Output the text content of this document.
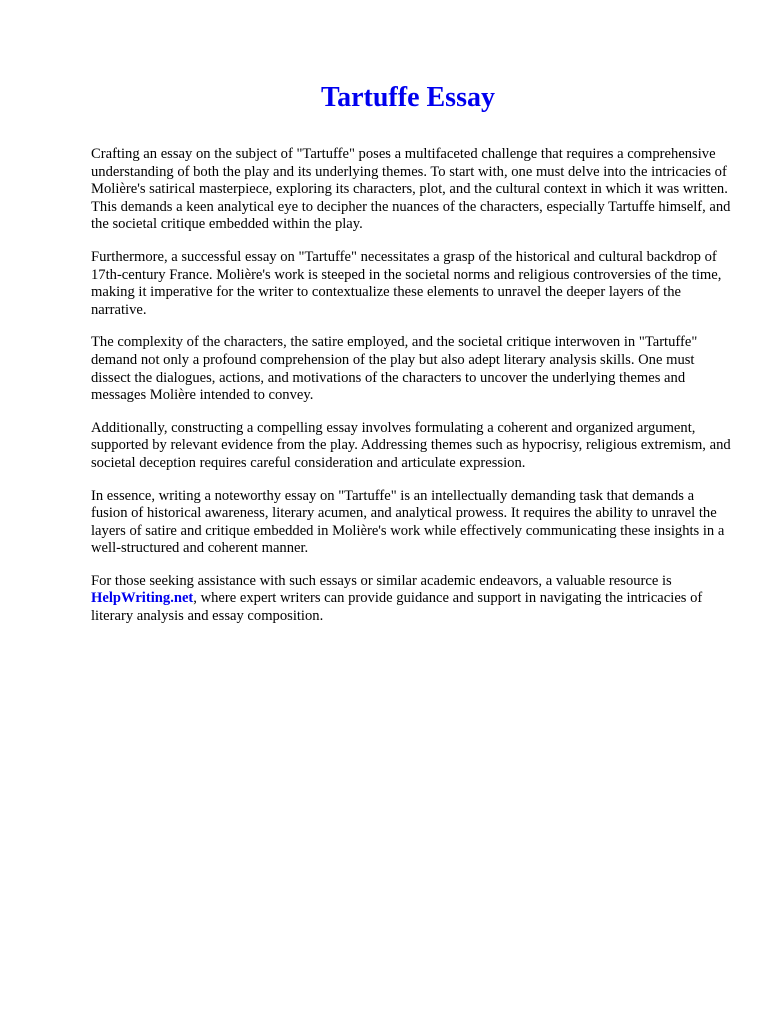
Tartuffe Essay

Crafting an essay on the subject of "Tartuffe" poses a multifaceted challenge that requires a comprehensive understanding of both the play and its underlying themes. To start with, one must delve into the intricacies of Molière's satirical masterpiece, exploring its characters, plot, and the cultural context in which it was written. This demands a keen analytical eye to decipher the nuances of the characters, especially Tartuffe himself, and the societal critique embedded within the play.

Furthermore, a successful essay on "Tartuffe" necessitates a grasp of the historical and cultural backdrop of 17th-century France. Molière's work is steeped in the societal norms and religious controversies of the time, making it imperative for the writer to contextualize these elements to unravel the deeper layers of the narrative.

The complexity of the characters, the satire employed, and the societal critique interwoven in "Tartuffe" demand not only a profound comprehension of the play but also adept literary analysis skills. One must dissect the dialogues, actions, and motivations of the characters to uncover the underlying themes and messages Molière intended to convey.

Additionally, constructing a compelling essay involves formulating a coherent and organized argument, supported by relevant evidence from the play. Addressing themes such as hypocrisy, religious extremism, and societal deception requires careful consideration and articulate expression.

In essence, writing a noteworthy essay on "Tartuffe" is an intellectually demanding task that demands a fusion of historical awareness, literary acumen, and analytical prowess. It requires the ability to unravel the layers of satire and critique embedded in Molière's work while effectively communicating these insights in a well-structured and coherent manner.

For those seeking assistance with such essays or similar academic endeavors, a valuable resource is HelpWriting.net, where expert writers can provide guidance and support in navigating the intricacies of literary analysis and essay composition.
